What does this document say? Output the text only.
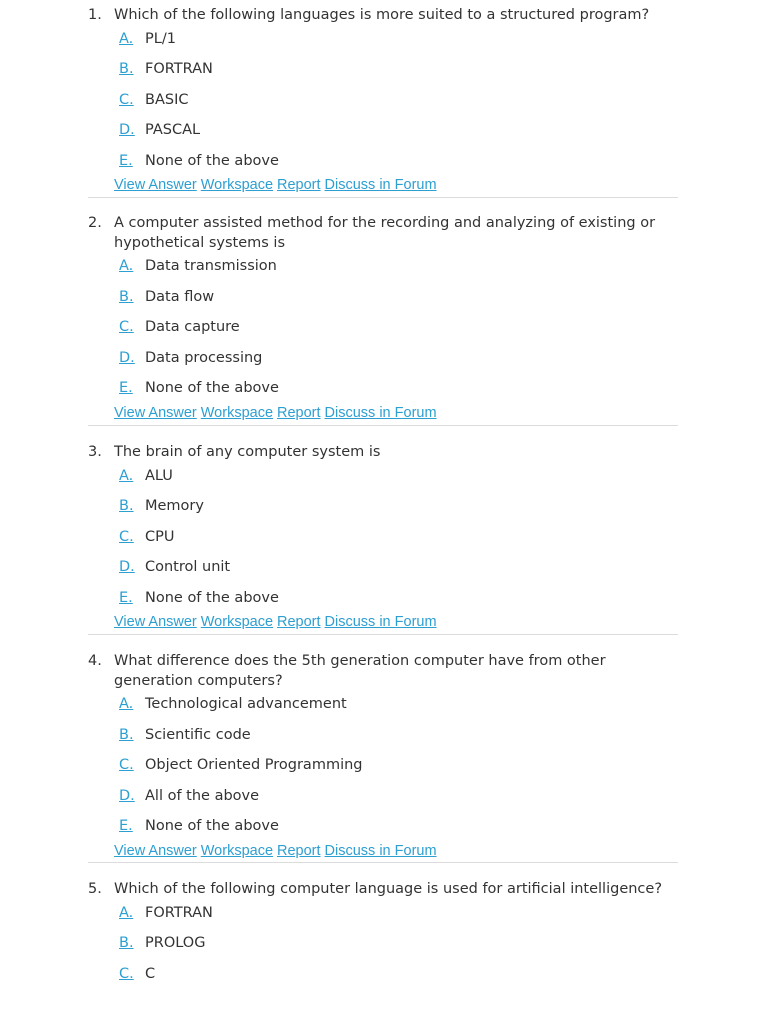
1. Which of the following languages is more suited to a structured program?
A. PL/1
B. FORTRAN
C. BASIC
D. PASCAL
E. None of the above
View Answer Workspace Report Discuss in Forum
2. A computer assisted method for the recording and analyzing of existing or hypothetical systems is
A. Data transmission
B. Data flow
C. Data capture
D. Data processing
E. None of the above
View Answer Workspace Report Discuss in Forum
3. The brain of any computer system is
A. ALU
B. Memory
C. CPU
D. Control unit
E. None of the above
View Answer Workspace Report Discuss in Forum
4. What difference does the 5th generation computer have from other generation computers?
A. Technological advancement
B. Scientific code
C. Object Oriented Programming
D. All of the above
E. None of the above
View Answer Workspace Report Discuss in Forum
5. Which of the following computer language is used for artificial intelligence?
A. FORTRAN
B. PROLOG
C. C
